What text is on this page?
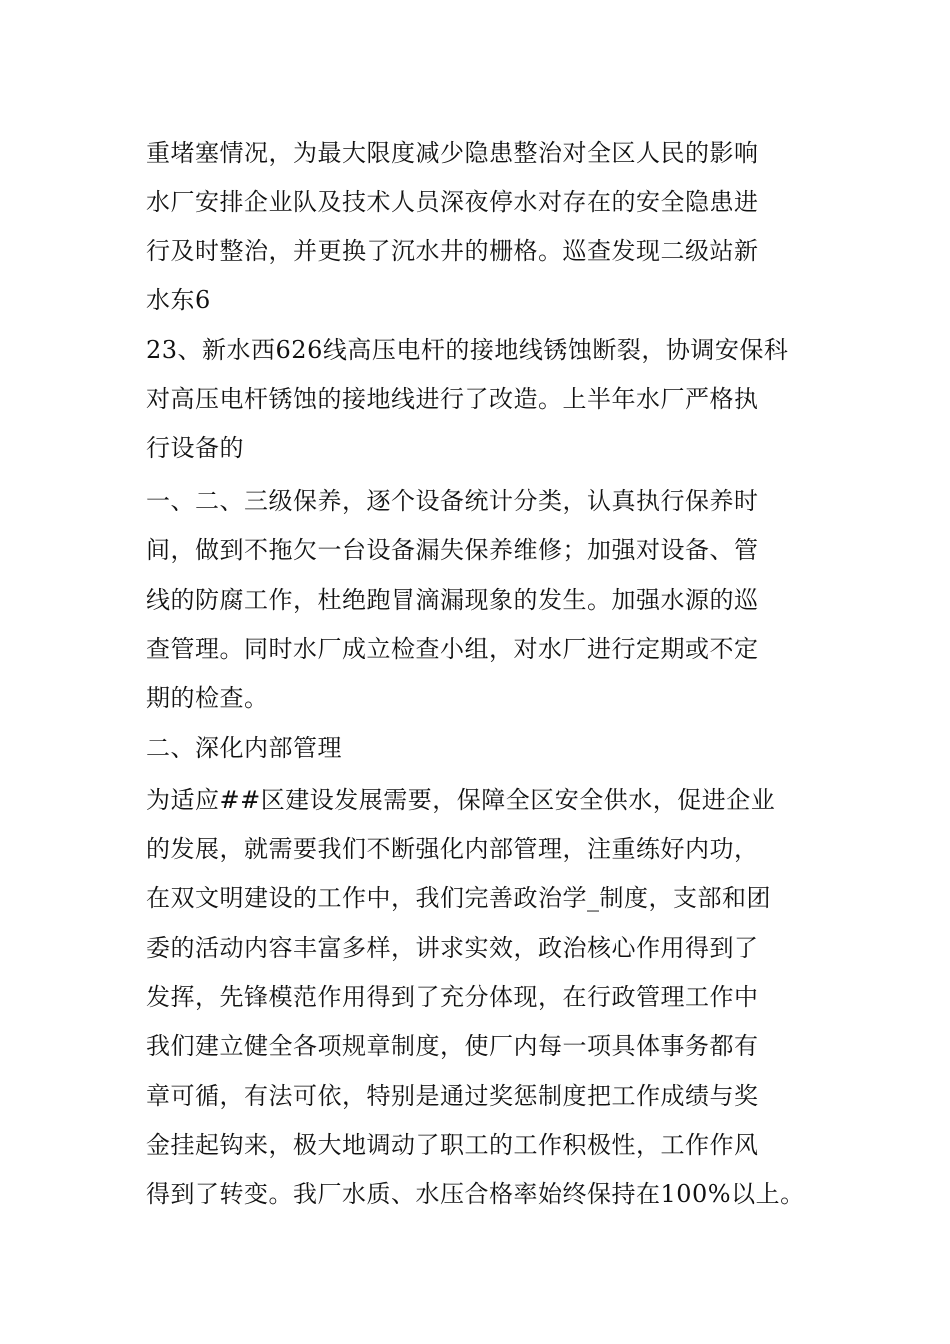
重堵塞情况，为最大限度减少隐患整治对全区人民的影响
水厂安排企业队及技术人员深夜停水对存在的安全隐患进
行及时整治，并更换了沉水井的栅格。巡查发现二级站新
水东6
23、新水西626线高压电杆的接地线锈蚀断裂，协调安保科
对高压电杆锈蚀的接地线进行了改造。上半年水厂严格执
行设备的
一、二、三级保养，逐个设备统计分类，认真执行保养时
间，做到不拖欠一台设备漏失保养维修；加强对设备、管
线的防腐工作，杜绝跑冒滴漏现象的发生。加强水源的巡
查管理。同时水厂成立检查小组，对水厂进行定期或不定
期的检查。
二、深化内部管理
为适应##区建设发展需要，保障全区安全供水，促进企业
的发展，就需要我们不断强化内部管理，注重练好内功，
在双文明建设的工作中，我们完善政治学_制度，支部和团
委的活动内容丰富多样，讲求实效，政治核心作用得到了
发挥，先锋模范作用得到了充分体现，在行政管理工作中
我们建立健全各项规章制度，使厂内每一项具体事务都有
章可循，有法可依，特别是通过奖惩制度把工作成绩与奖
金挂起钩来，极大地调动了职工的工作积极性，工作作风
得到了转变。我厂水质、水压合格率始终保持在100%以上。
